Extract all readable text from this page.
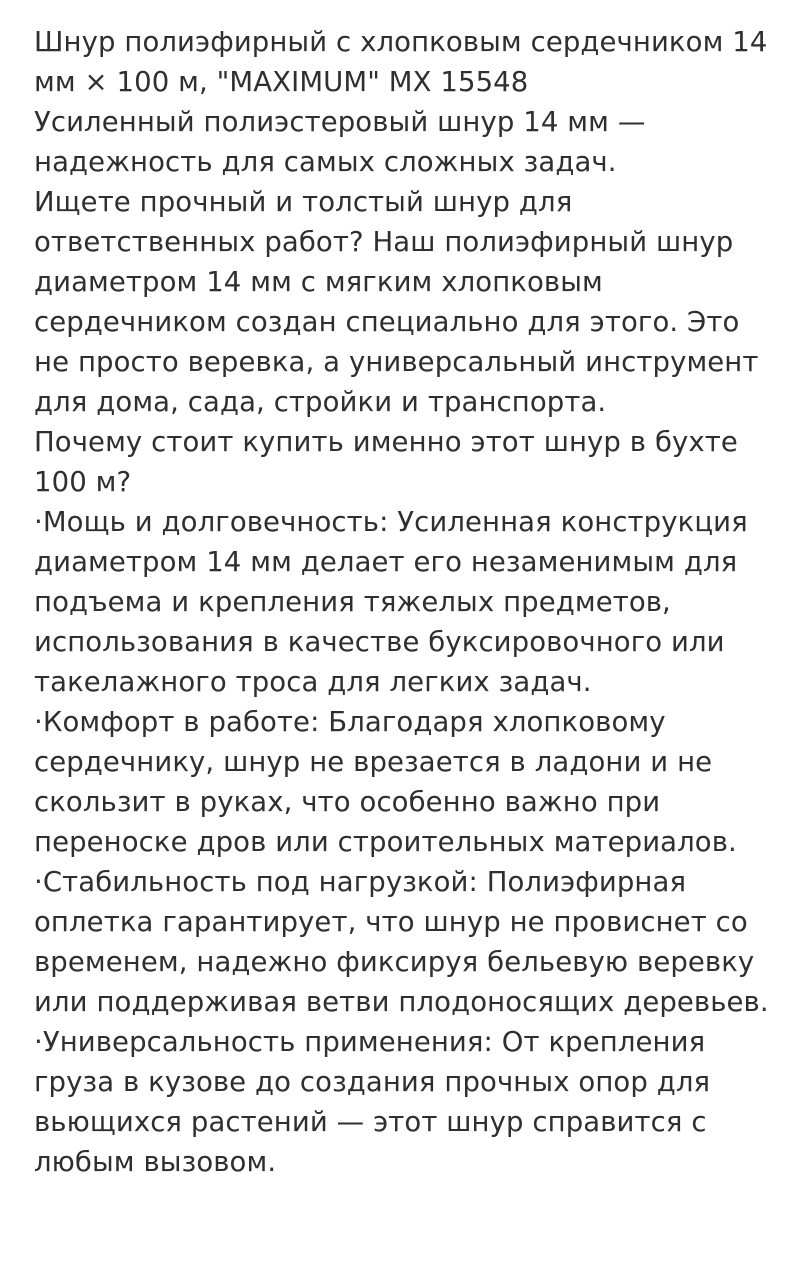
Шнур полиэфирный с хлопковым сердечником 14 мм × 100 м, "MAXIMUM" MX 15548

Усиленный полиэстеровый шнур 14 мм — надежность для самых сложных задач.

Ищете прочный и толстый шнур для ответственных работ? Наш полиэфирный шнур диаметром 14 мм с мягким хлопковым сердечником создан специально для этого. Это не просто веревка, а универсальный инструмент для дома, сада, стройки и транспорта.

Почему стоит купить именно этот шнур в бухте 100 м?

·Мощь и долговечность: Усиленная конструкция диаметром 14 мм делает его незаменимым для подъема и крепления тяжелых предметов, использования в качестве буксировочного или такелажного троса для легких задач.

·Комфорт в работе: Благодаря хлопковому сердечнику, шнур не врезается в ладони и не скользит в руках, что особенно важно при переноске дров или строительных материалов.

·Стабильность под нагрузкой: Полиэфирная оплетка гарантирует, что шнур не провиснет со временем, надежно фиксируя бельевую веревку или поддерживая ветви плодоносящих деревьев.

·Универсальность применения: От крепления груза в кузове до создания прочных опор для вьющихся растений — этот шнур справится с любым вызовом.
